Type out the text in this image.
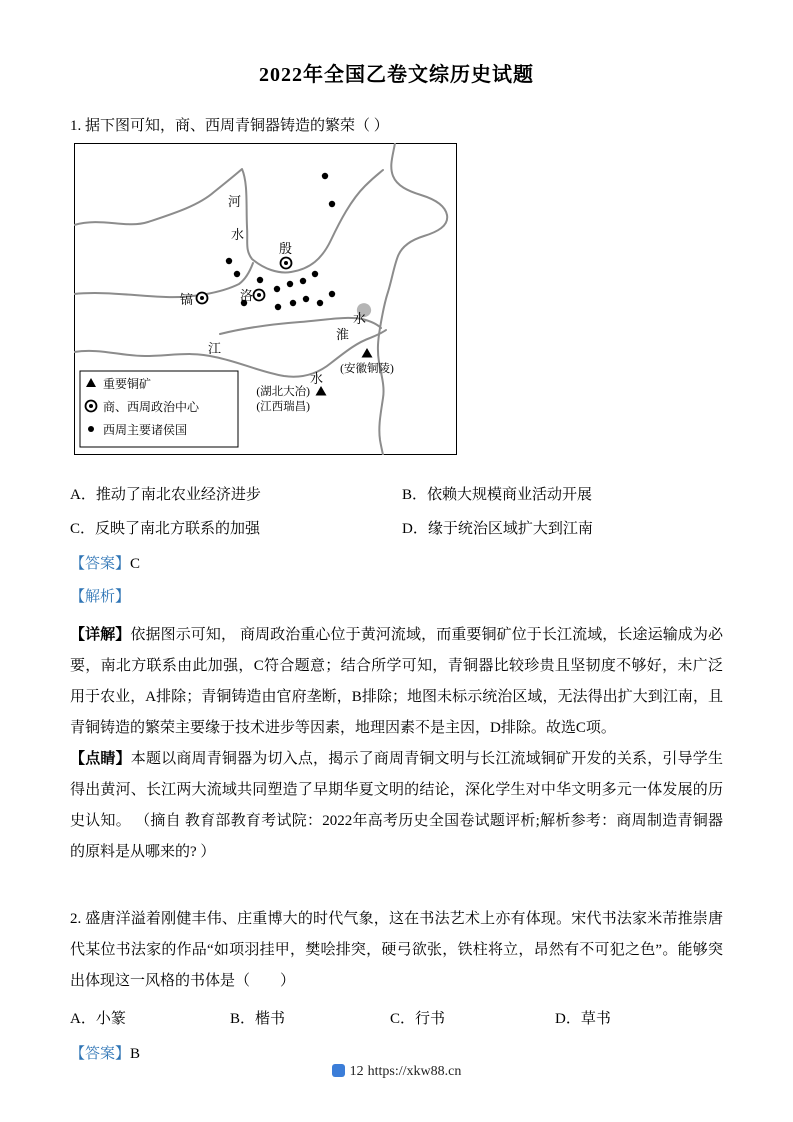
2022年全国乙卷文综历史试题

1. 据下图可知，商、西周青铜器铸造的繁荣（ ）

河
水
殷
镐	洛
淮
水
江
水
(安徽铜陵)
(湖北大冶)
(江西瑞昌)
重要铜矿
商、西周政治中心
西周主要诸侯国
A．推动了南北农业经济进步	B．依赖大规模商业活动开展
C．反映了南北方联系的加强	D．缘于统治区域扩大到江南

【答案】C

【解析】

【详解】依据图示可知， 商周政治重心位于黄河流域，而重要铜矿位于长江流域，长途运输成为必要，南北方联系由此加强，C符合题意；结合所学可知，青铜器比较珍贵且坚韧度不够好，未广泛用于农业，A排除；青铜铸造由官府垄断，B排除；地图未标示统治区域，无法得出扩大到江南，且青铜铸造的繁荣主要缘于技术进步等因素，地理因素不是主因，D排除。故选C项。

【点睛】本题以商周青铜器为切入点，揭示了商周青铜文明与长江流域铜矿开发的关系，引导学生得出黄河、长江两大流域共同塑造了早期华夏文明的结论，深化学生对中华文明多元一体发展的历史认知。 （摘自 教育部教育考试院：2022年高考历史全国卷试题评析;解析参考：商周制造青铜器的原料是从哪来的? ）

2. 盛唐洋溢着刚健丰伟、庄重博大的时代气象，这在书法艺术上亦有体现。宋代书法家米芾推崇唐代某位书法家的作品“如项羽挂甲，樊哙排突，硬弓欲张，铁柱将立，昂然有不可犯之色”。能够突出体现这一风格的书体是（　　）

A．小篆	B．楷书	C．行书	D．草书

【答案】B

12 https://xkw88.cn
